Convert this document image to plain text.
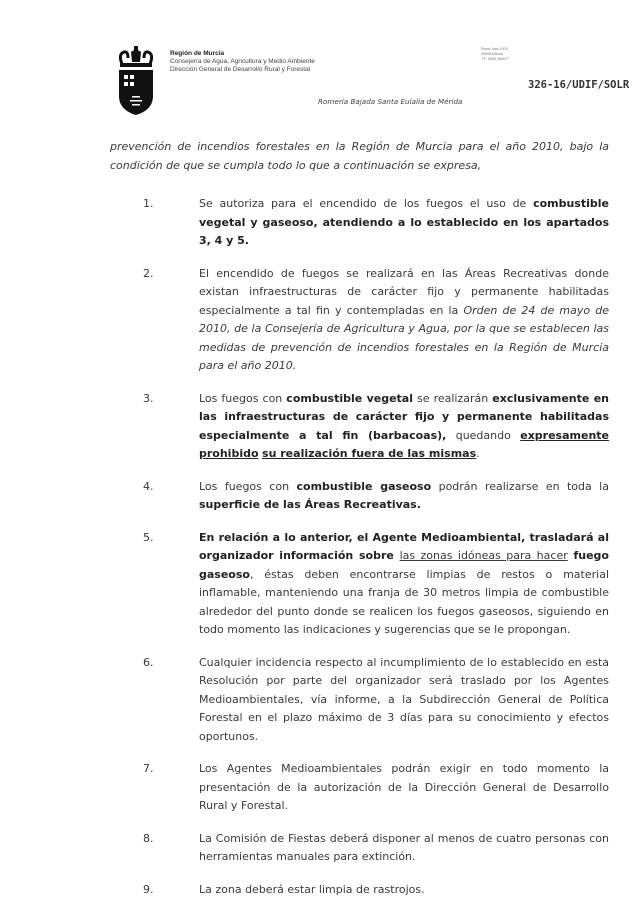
Región de Murcia
Consejería de Agua, Agricultura y Medio Ambiente
Dirección General de Desarrollo Rural y Forestal
Plaza Juan XXIII
30008 Murcia
T.F. (968) 366677
326-16/UDIF/SOLR
Romería Bajada Santa Eulalia de Mérida
prevención de incendios forestales en la Región de Murcia para el año 2010, bajo la condición de que se cumpla todo lo que a continuación se expresa,
1.	Se autoriza para el encendido de los fuegos el uso de combustible vegetal y gaseoso, atendiendo a lo establecido en los apartados 3, 4 y 5.
2.	El encendido de fuegos se realizará en las Áreas Recreativas donde existan infraestructuras de carácter fijo y permanente habilitadas especialmente a tal fin y contempladas en la Orden de 24 de mayo de 2010, de la Consejería de Agricultura y Agua, por la que se establecen las medidas de prevención de incendios forestales en la Región de Murcia para el año 2010.
3.	Los fuegos con combustible vegetal se realizarán exclusivamente en las infraestructuras de carácter fijo y permanente habilitadas especialmente a tal fin (barbacoas), quedando expresamente prohibido su realización fuera de las mismas.
4.	Los fuegos con combustible gaseoso podrán realizarse en toda la superficie de las Áreas Recreativas.
5.	En relación a lo anterior, el Agente Medioambiental, trasladará al organizador información sobre las zonas idóneas para hacer fuego gaseoso, éstas deben encontrarse limpias de restos o material inflamable, manteniendo una franja de 30 metros limpia de combustible alrededor del punto donde se realicen los fuegos gaseosos, siguiendo en todo momento las indicaciones y sugerencias que se le propongan.
6.	Cualquier incidencia respecto al incumplimiento de lo establecido en esta Resolución por parte del organizador será traslado por los Agentes Medioambientales, vía informe, a la Subdirección General de Política Forestal en el plazo máximo de 3 días para su conocimiento y efectos oportunos.
7.	Los Agentes Medioambientales podrán exigir en todo momento la presentación de la autorización de la Dirección General de Desarrollo Rural y Forestal.
8.	La Comisión de Fiestas deberá disponer al menos de cuatro personas con herramientas manuales para extinción.
9.	La zona deberá estar limpia de rastrojos.
